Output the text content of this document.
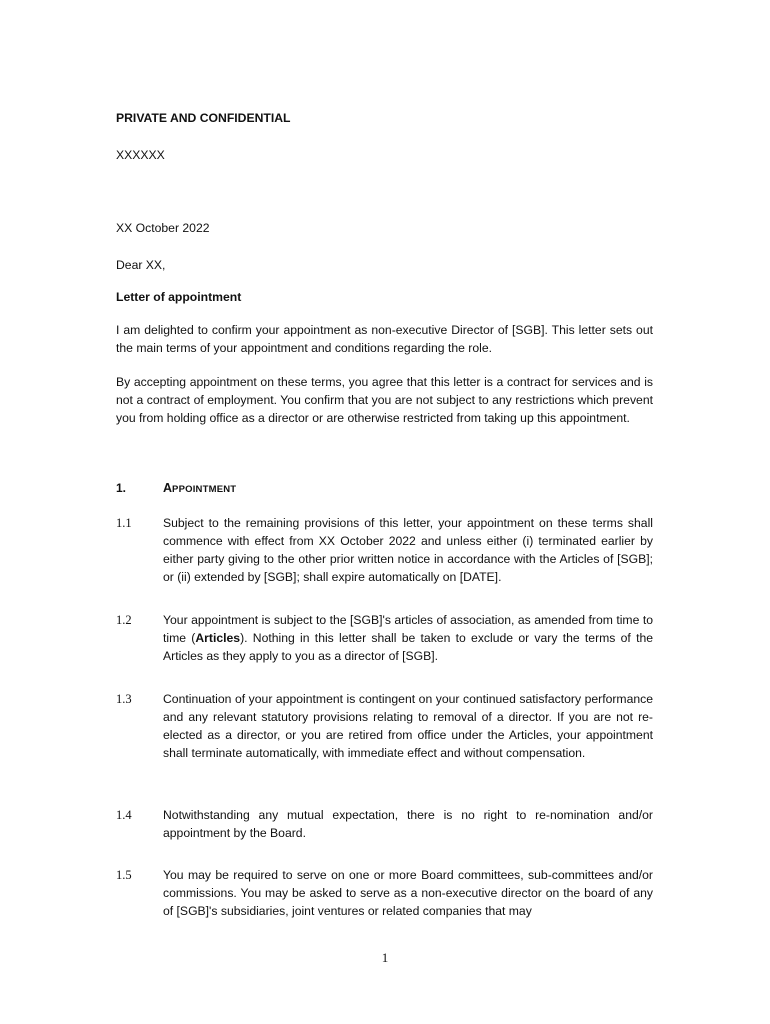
PRIVATE AND CONFIDENTIAL
XXXXXX
XX October 2022
Dear XX,
Letter of appointment

I am delighted to confirm your appointment as non-executive Director of [SGB]. This letter sets out the main terms of your appointment and conditions regarding the role.

By accepting appointment on these terms, you agree that this letter is a contract for services and is not a contract of employment. You confirm that you are not subject to any restrictions which prevent you from holding office as a director or are otherwise restricted from taking up this appointment.

1.	APPOINTMENT
1.1	Subject to the remaining provisions of this letter, your appointment on these terms shall commence with effect from XX October 2022 and unless either (i) terminated earlier by either party giving to the other prior written notice in accordance with the Articles of [SGB]; or (ii) extended by [SGB]; shall expire automatically on [DATE].

1.2	Your appointment is subject to the [SGB]'s articles of association, as amended from time to time (Articles). Nothing in this letter shall be taken to exclude or vary the terms of the Articles as they apply to you as a director of [SGB].

1.3	Continuation of your appointment is contingent on your continued satisfactory performance and any relevant statutory provisions relating to removal of a director. If you are not re-elected as a director, or you are retired from office under the Articles, your appointment shall terminate automatically, with immediate effect and without compensation.

1.4	Notwithstanding any mutual expectation, there is no right to re-nomination and/or appointment by the Board.

1.5	You may be required to serve on one or more Board committees, sub-committees and/or commissions. You may be asked to serve as a non-executive director on the board of any of [SGB]'s subsidiaries, joint ventures or related companies that may

1
